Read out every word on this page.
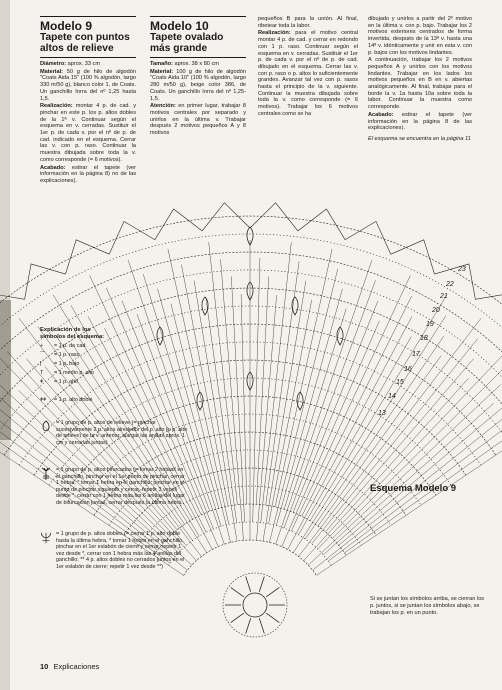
Modelo 9
Tapete con puntos
altos de relieve

Diámetro: aprox. 33 cm

Material: 50 g de hilo de algodón "Coats Aida 15" (100 % algodón, largo 330 m/50 g), blanco color 1, de Coats. Un ganchillo Inrra del nº 1,25 hasta 1,5.

Realización: montar 4 p. de cad. y pinchar en este p. los p. altos dobles de la 1ª v. Continuar según el esquema en v. cerradas. Sustituir el 1er p. de cada v. por el nº de p. de cad. indicado en el esquema. Cerrar las v. con p. raso. Continuar la muestra dibujada sobre toda la v. como corresponde (= 6 motivos).

Acabado: estirar el tapete (ver información en la página 8) no de las explicaciones).

Modelo 10
Tapete ovalado
más grande

Tamaño: aprox. 38 x 80 cm

Material: 100 g de hilo de algodón "Coats Aida 10" (100 % algodón, largo 280 m/50 g), beige color 386, de Coats. Un ganchillo Inrra del nº 1,25-1,5.

Atención: en primer lugar, trabajar 8 motivos centrales por separado y unirlos en la última v. Trabajar después 2 motivos pequeños A y 8 motivos

pequeños B para la unión. Al final, ribetear toda la labor.

Realización: para el motivo central montar 4 p. de cad. y cerrar en redondo con 1 p. raso. Continuar según el esquema en v. cerradas. Sustituir el 1er p. de cada v. por el nº de p. de cad. dibujado en el esquema. Cerrar las v. con p. raso o p. altos lo suficientemente grandes. Avanzar tal vez con p. rasos hasta el principio de la v. siguiente. Continuar la muestra dibujada sobre toda la v. como corresponde (= 6 motivos). Trabajar los 6 motivos centrales como se ha

dibujado y unirlos a partir del 2º motivo en la última v. con p. bajo. Trabajar los 2 motivos exteriores centrados de forma invertida, después de la 13ª v. hasta una 14ª v. idénticamente y unir en esta v. con p. bajos con los motivos lindantes.

A continuación, trabajar los 2 motivos pequeños A y unirlos con los motivos lindantes. Trabajar en los lados los motivos pequeños en B en v. abiertas analógicamente. Al final, trabajar para el borde la v. 1a hasta 10a sobre toda la labor. Continuar la muestra como corresponde.

Acabado: estirar el tapete (ver información en la página 8 de las explicaciones).

El esquema se encuentra en la página 11

23
22
21
20
19
18
17
16
15
14
13
Explicación de los
símbolos del esquema:
+	= 1 p. de cad.
⌒	= 1 p. raso
|	= 1 p. bajo
T	= 1 medio p. alto
ǂ	= 1 p. alto
ǂǂ	= 1 p. alto doble
= 1 grupo de p. altos de relieve (= pinchar sucesivamente 2 p. altos alrededor del p. alto (o p. alto de relieve) de la v. anterior, alargar las anillas aprox. 1 cm y cerrarlas juntas)
= 1 grupo de p. altos bifurcados (= tomar 2 hebras en el ganchillo, pinchar en el 1er punto de pinchar, cerrar 1 hebra, * tomar 1 hebra en el ganchillo, pinchar en el punto de pinchar siguiente y cerrar, repetir 3 veces desde *, cerrar con 1 hebra más las 6 anillas del lugar de bifurcación juntas, cerrar después la última hebra.
= 1 grupo de p. altos dobles (= cerrar 1 p. alto doble hasta la última hebra, * tomar 1 hebra en el ganchillo, pinchar en el 1er eslabón de cierre y cerrar, repetir 1 vez desde *, cerrar con 1 hebra más las 4 anillas del ganchillo; ** 4 p. altos dobles no cerrados juntos en el 1er eslabón de cierre; repetir 1 vez desde **)
Esquema Modelo 9
Si se juntan los símbolos arriba, se cierran los p. juntos, si se juntan los símbolos abajo, se trabajan los p. en un punto.
10 Explicaciones
